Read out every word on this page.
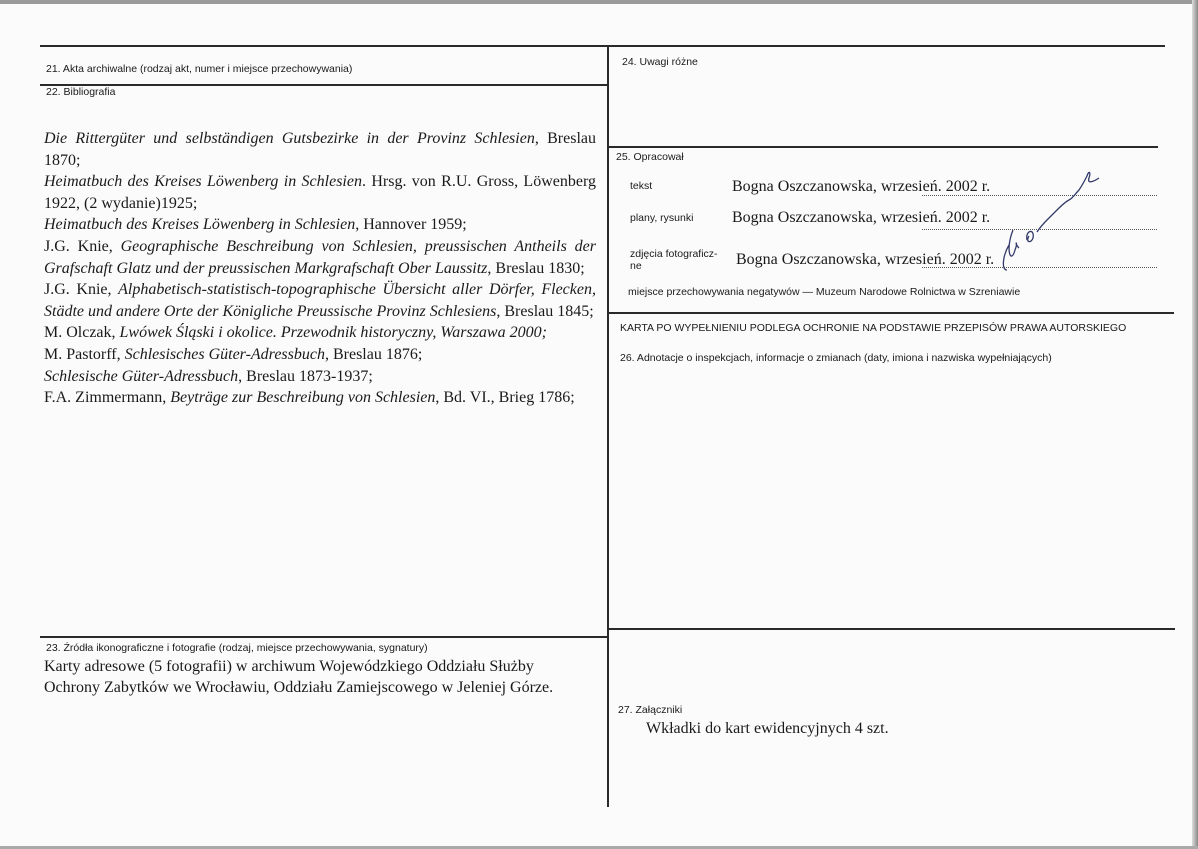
21. Akta archiwalne (rodzaj akt, numer i miejsce przechowywania)
22. Bibliografia

Die Rittergüter und selbständigen Gutsbezirke in der Provinz Schlesien, Breslau 1870;

Heimatbuch des Kreises Löwenberg in Schlesien. Hrsg. von R.U. Gross, Löwenberg 1922, (2 wydanie)1925;

Heimatbuch des Kreises Löwenberg in Schlesien, Hannover 1959;

J.G. Knie, Geographische Beschreibung von Schlesien, preussischen Antheils der Grafschaft Glatz und der preussischen Markgrafschaft Ober Laussitz, Breslau 1830;

J.G. Knie, Alphabetisch-statistisch-topographische Übersicht aller Dörfer, Flecken, Städte und andere Orte der Königliche Preussische Provinz Schlesiens, Breslau 1845;

M. Olczak, Lwówek Śląski i okolice. Przewodnik historyczny, Warszawa 2000;

M. Pastorff, Schlesisches Güter-Adressbuch, Breslau 1876;

Schlesische Güter-Adressbuch, Breslau 1873-1937;

F.A. Zimmermann, Beyträge zur Beschreibung von Schlesien, Bd. VI., Brieg 1786;

23. Źródła ikonograficzne i fotografie (rodzaj, miejsce przechowywania, sygnatury)
Karty adresowe (5 fotografii) w archiwum Wojewódzkiego Oddziału Służby Ochrony Zabytków we Wrocławiu, Oddziału Zamiejscowego w Jeleniej Górze.
24. Uwagi różne
25. Opracował
tekst	Bogna Oszczanowska, wrzesień. 2002 r.
plany, rysunki Bogna Oszczanowska, wrzesień. 2002 r.
zdjęcia fotograficz-
ne	Bogna Oszczanowska, wrzesień. 2002 r.
miejsce przechowywania negatywów — Muzeum Narodowe Rolnictwa w Szreniawie
KARTA PO WYPEŁNIENIU PODLEGA OCHRONIE NA PODSTAWIE PRZEPISÓW PRAWA AUTORSKIEGO
26. Adnotacje o inspekcjach, informacje o zmianach (daty, imiona i nazwiska wypełniających)
27. Załączniki
Wkładki do kart ewidencyjnych 4 szt.
